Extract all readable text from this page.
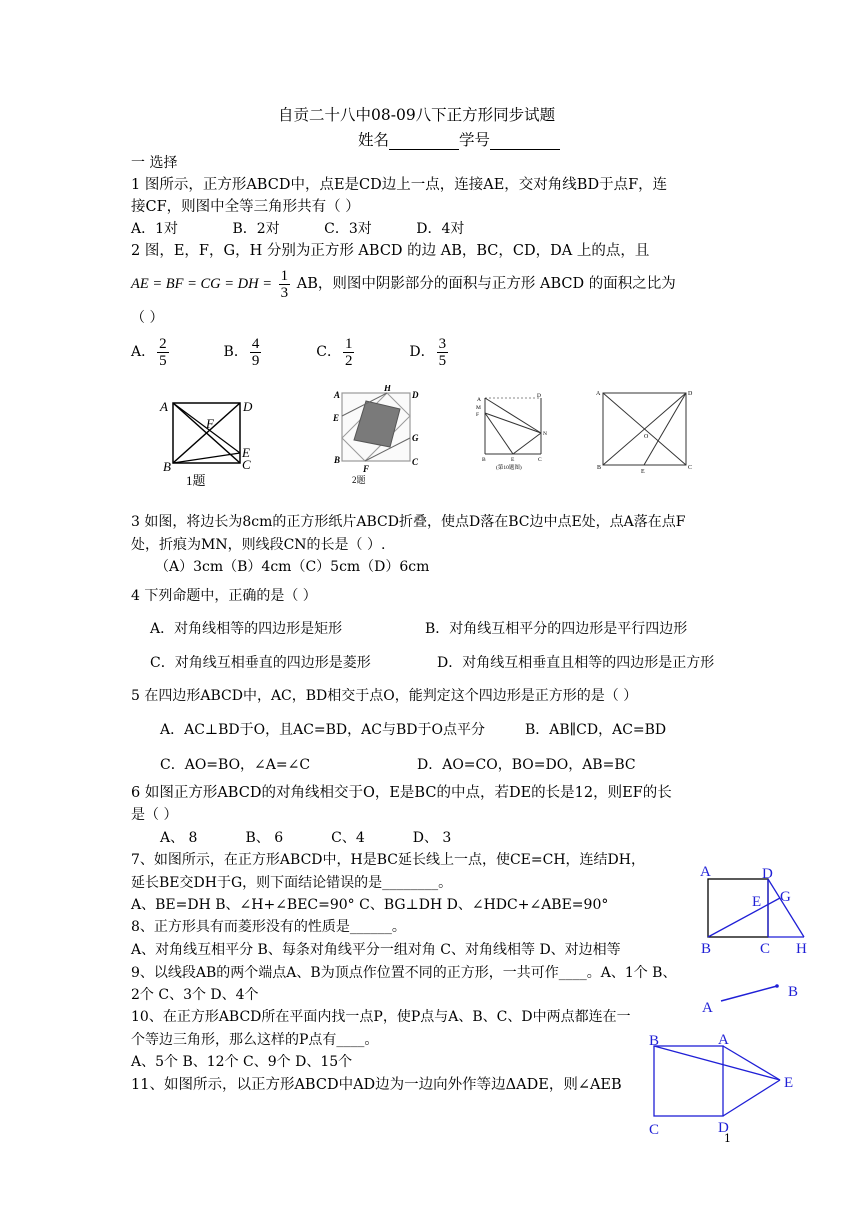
自贡二十八中08-09八下正方形同步试题
姓名	学号
一 选择
1 图所示，正方形ABCD中，点E是CD边上一点，连接AE，交对角线BD于点F，连
接CF，则图中全等三角形共有（ ）
A．1对	B．2对	C．3对	D．4对
2 图，E，F，G，H 分别为正方形 ABCD 的边 AB，BC，CD，DA 上的点，且
AE = BF = CG = DH = $\frac{1}{3}$ AB，则图中阴影部分的面积与正方形 ABCD 的面积之比为
（ ）
A． $\frac{2}{5}$	B． $\frac{4}{9}$	C． $\frac{1}{2}$	D． $\frac{3}{5}$
A	D
F
E
B	C
1题
A
H
D
E
G
B
F
C
2题
A
D
M
F
N
B	E	C
(第10题图)
A	D
O
B
E
C
3 如图，将边长为8cm的正方形纸片ABCD折叠，使点D落在BC边中点E处，点A落在点F
处，折痕为MN，则线段CN的长是（ ）.
（A）3cm（B）4cm（C）5cm（D）6cm
4 下列命题中，正确的是（ ）
A．对角线相等的四边形是矩形	B．对角线互相平分的四边形是平行四边形
C．对角线互相垂直的四边形是菱形	D．对角线互相垂直且相等的四边形是正方形
5 在四边形ABCD中，AC，BD相交于点O，能判定这个四边形是正方形的是（ ）
A．AC⊥BD于O，且AC=BD，AC与BD于O点平分	B．AB∥CD，AC=BD
C．AO=BO，∠A=∠C	D．AO=CO，BO=DO，AB=BC
6 如图正方形ABCD的对角线相交于O，E是BC的中点，若DE的长是12，则EF的长
是（ ）
A、 8	B、 6	C、4	D、 3
7、如图所示，在正方形ABCD中，H是BC延长线上一点，使CE=CH，连结DH，
延长BE交DH于G，则下面结论错误的是________。
A、BE=DH B、∠H+∠BEC=90° C、BG⊥DH D、∠HDC+∠ABE=90°
8、正方形具有而菱形没有的性质是______。
A、对角线互相平分 B、每条对角线平分一组对角 C、对角线相等 D、对边相等
9、以线段AB的两个端点A、B为顶点作位置不同的正方形，一共可作____。A、1个 B、
2个 C、3个 D、4个
10、在正方形ABCD所在平面内找一点P，使P点与A、B、C、D中两点都连在一
个等边三角形，那么这样的P点有____。
A、5个 B、12个 C、9个 D、15个
11、如图所示，以正方形ABCD中AD边为一边向外作等边ΔADE，则∠AEB
A	D
G
E
B	C H
A
B
B	A
E
C	D
1
